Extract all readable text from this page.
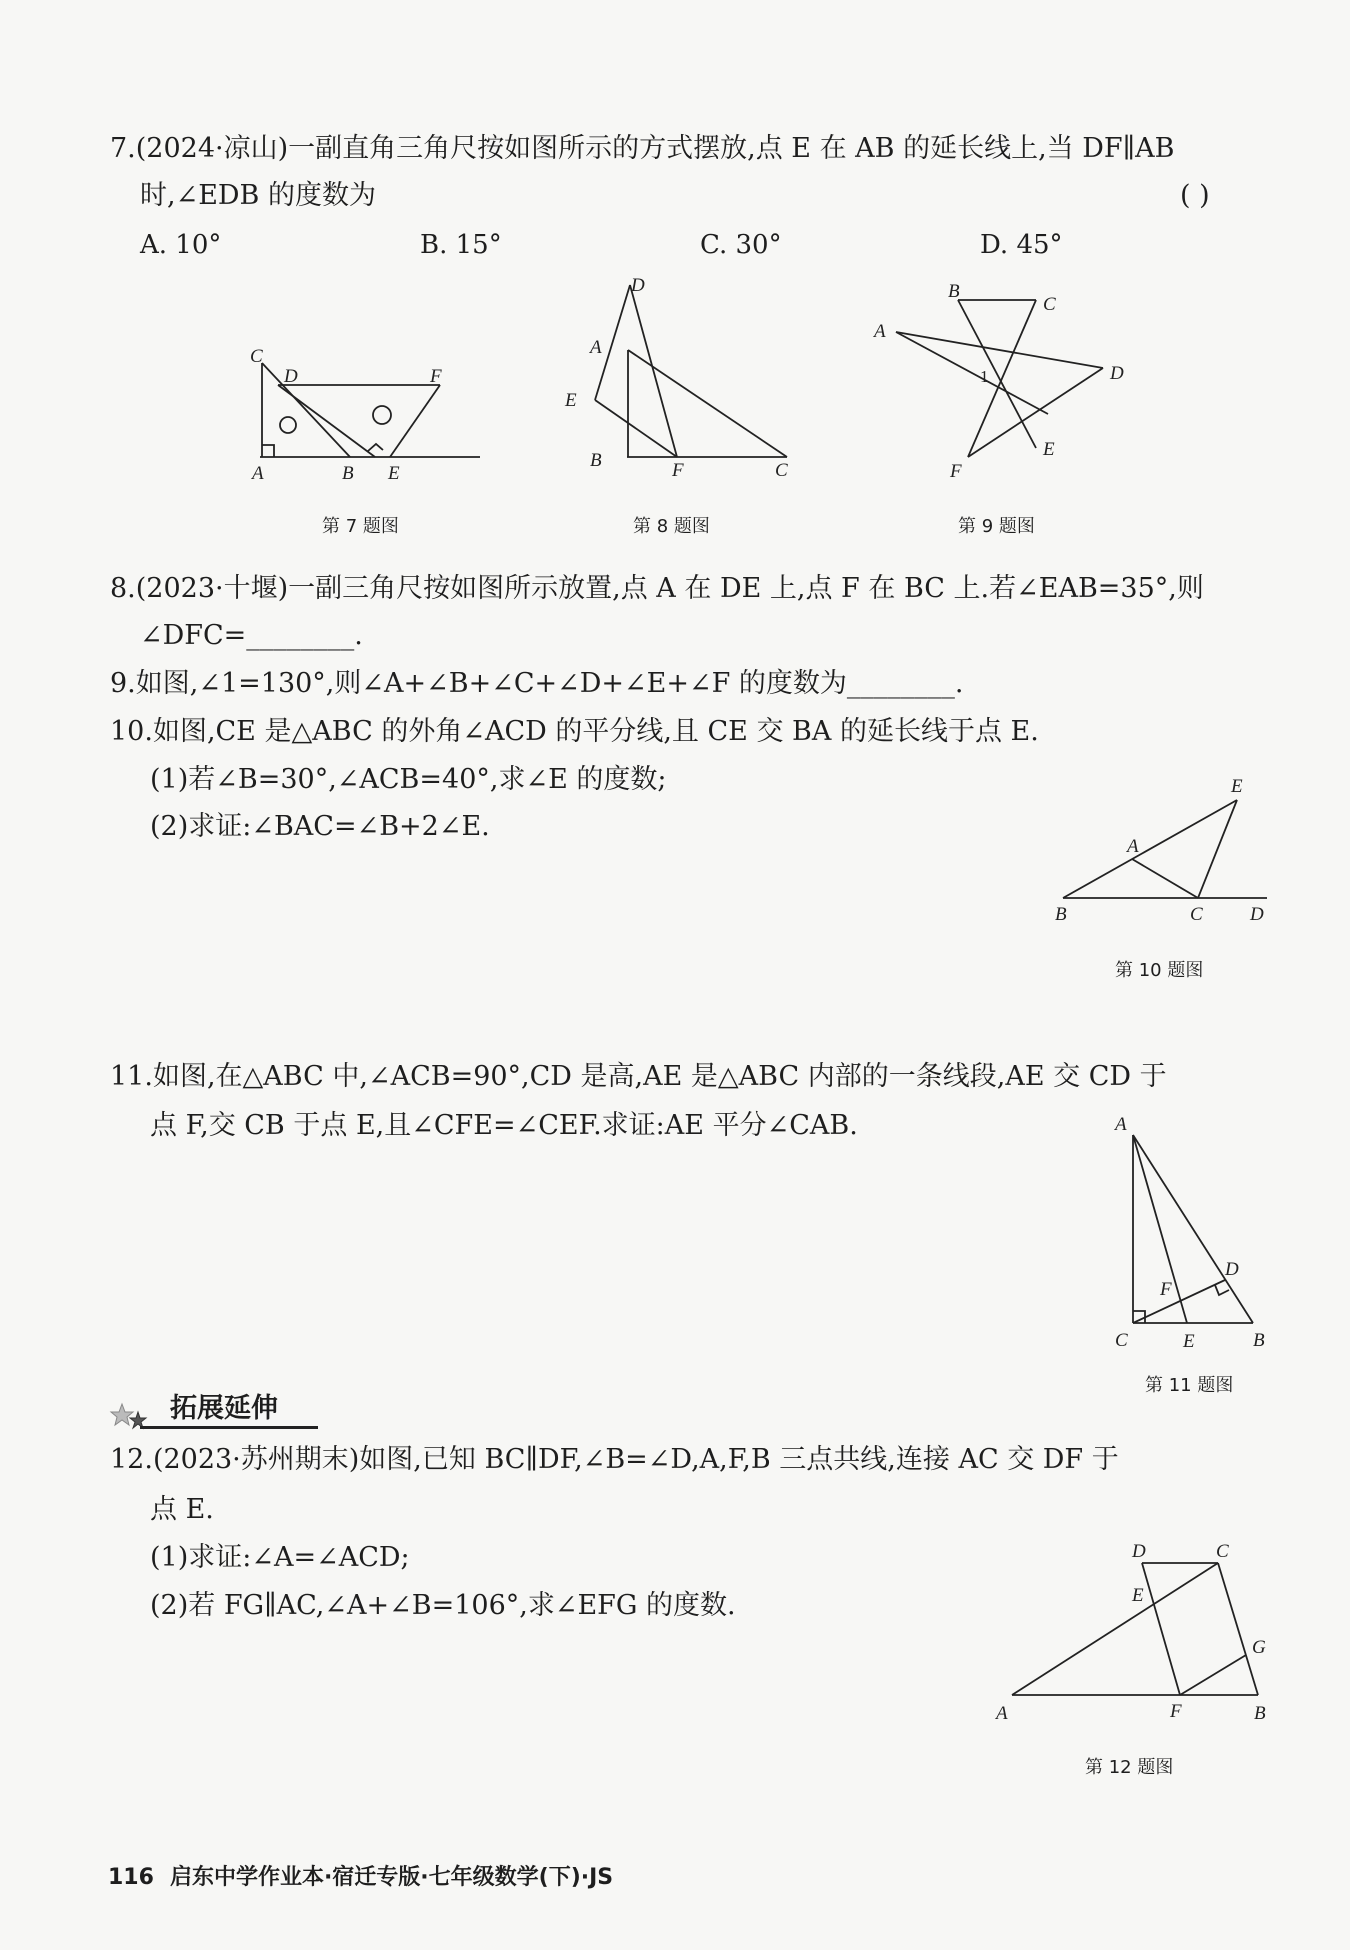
7.(2024·凉山)一副直角三角尺按如图所示的方式摆放,点 E 在 AB 的延长线上,当 DF∥AB
时,∠EDB 的度数为	( )
A. 10°	B. 15°	C. 30°	D. 45°
C
D	F
A	B E
第 7 题图
D
A
E
B	F	C
第 8 题图
B
C
A
1	D
E
F
第 9 题图
8.(2023·十堰)一副三角尺按如图所示放置,点 A 在 DE 上,点 F 在 BC 上.若∠EAB=35°,则
∠DFC=________.
9.如图,∠1=130°,则∠A+∠B+∠C+∠D+∠E+∠F 的度数为________.
10.如图,CE 是△ABC 的外角∠ACD 的平分线,且 CE 交 BA 的延长线于点 E.
(1)若∠B=30°,∠ACB=40°,求∠E 的度数;
(2)求证:∠BAC=∠B+2∠E.
E
A
B	C D
第 10 题图
11.如图,在△ABC 中,∠ACB=90°,CD 是高,AE 是△ABC 内部的一条线段,AE 交 CD 于
点 F,交 CB 于点 E,且∠CFE=∠CEF.求证:AE 平分∠CAB.	A
D
F
C	E	B
第 11 题图
拓展延伸
12.(2023·苏州期末)如图,已知 BC∥DF,∠B=∠D,A,F,B 三点共线,连接 AC 交 DF 于
点 E.
(1)求证:∠A=∠ACD;
(2)若 FG∥AC,∠A+∠B=106°,求∠EFG 的度数.
D	C
E
G
A	F	B
第 12 题图
116 启东中学作业本·宿迁专版·七年级数学(下)·JS
